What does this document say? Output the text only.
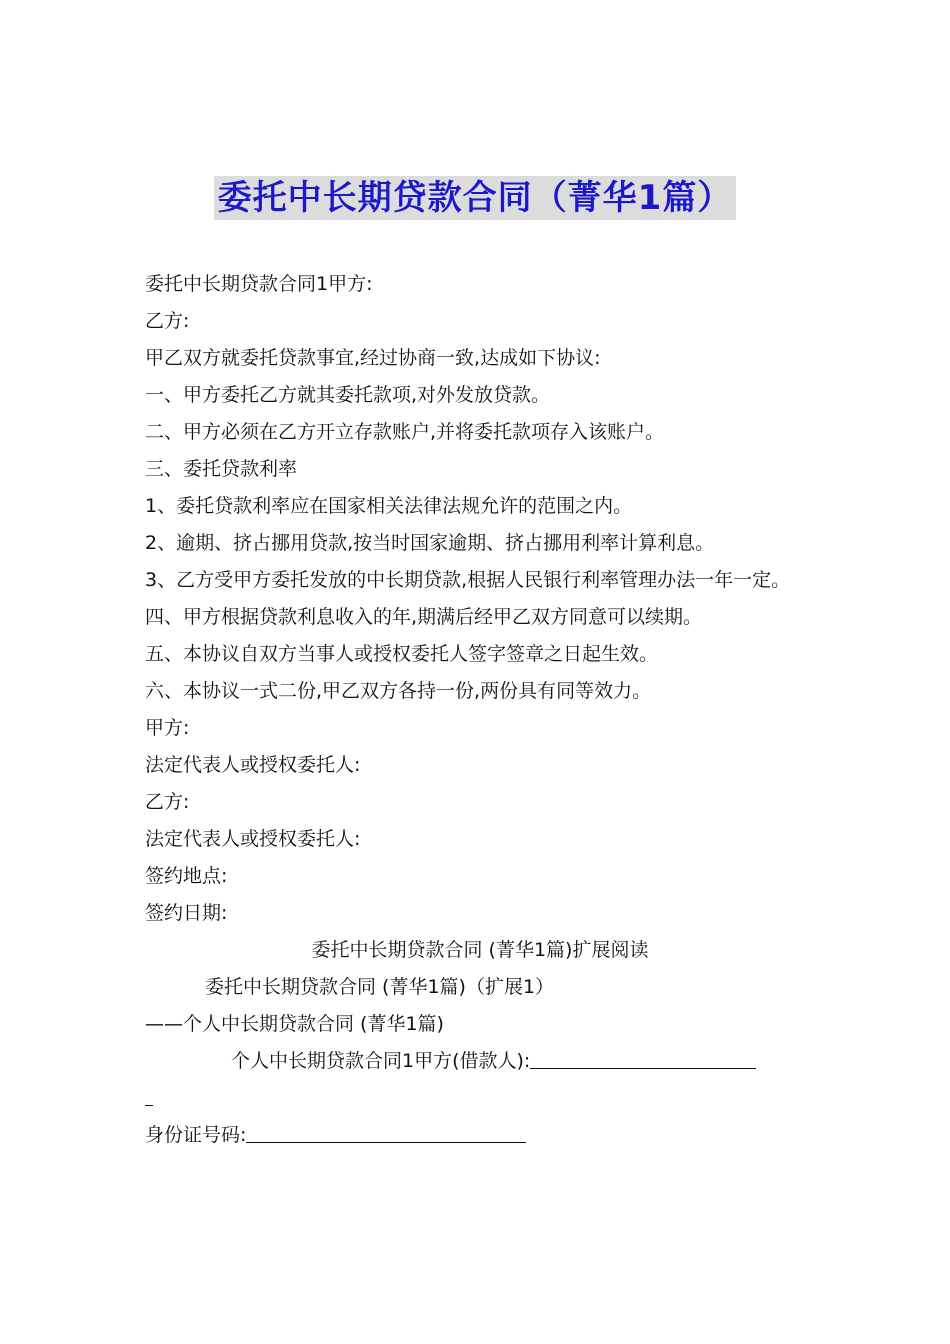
委托中长期贷款合同（菁华1篇）
委托中长期贷款合同1甲方:
乙方:
甲乙双方就委托贷款事宜,经过协商一致,达成如下协议:
一、甲方委托乙方就其委托款项,对外发放贷款。
二、甲方必须在乙方开立存款账户,并将委托款项存入该账户。
三、委托贷款利率
1、委托贷款利率应在国家相关法律法规允许的范围之内。
2、逾期、挤占挪用贷款,按当时国家逾期、挤占挪用利率计算利息。
3、乙方受甲方委托发放的中长期贷款,根据人民银行利率管理办法一年一定。
四、甲方根据贷款利息收入的年,期满后经甲乙双方同意可以续期。
五、本协议自双方当事人或授权委托人签字签章之日起生效。
六、本协议一式二份,甲乙双方各持一份,两份具有同等效力。
甲方:
法定代表人或授权委托人:
乙方:
法定代表人或授权委托人:
签约地点:
签约日期:
委托中长期贷款合同 (菁华1篇)扩展阅读
委托中长期贷款合同 (菁华1篇)（扩展1）
——个人中长期贷款合同 (菁华1篇)
个人中长期贷款合同1甲方(借款人):
身份证号码:
